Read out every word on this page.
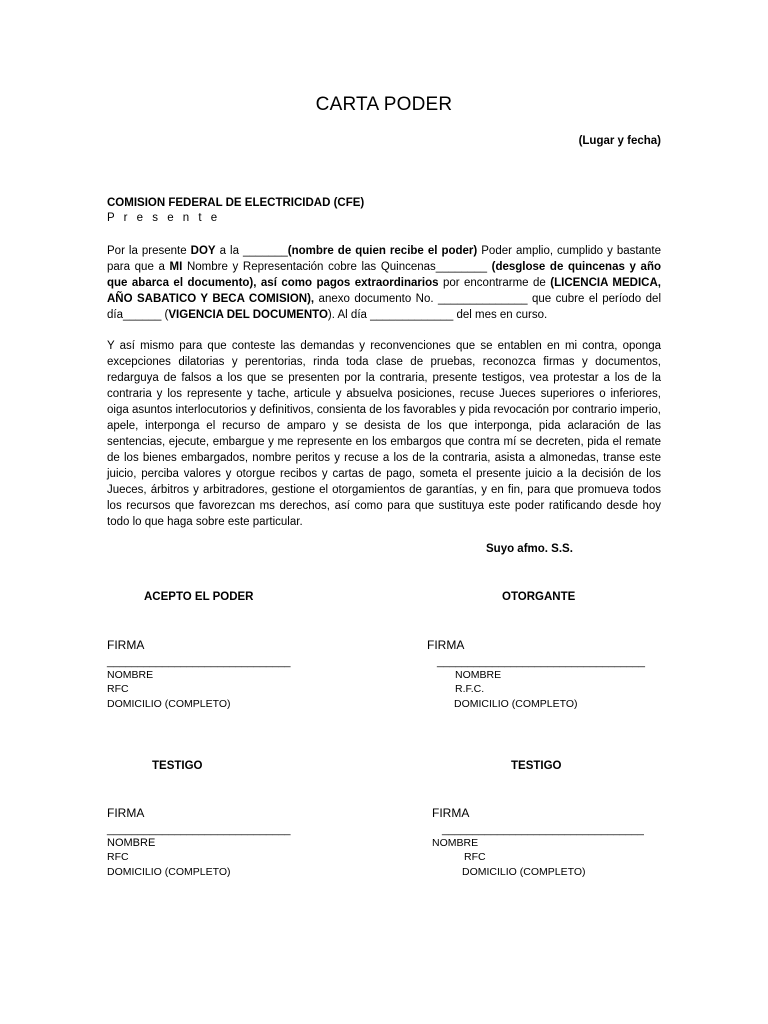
CARTA PODER
(Lugar y fecha)
COMISION FEDERAL DE ELECTRICIDAD (CFE)
P r e s e n t e
Por la presente DOY a la _______(nombre de quien recibe el poder) Poder amplio, cumplido y bastante para que a MI Nombre y Representación cobre las Quincenas________ (desglose de quincenas y año que abarca el documento), así como pagos extraordinarios por encontrarme de (LICENCIA MEDICA, AÑO SABATICO Y BECA COMISION), anexo documento No. ______________ que cubre el período del día______ (VIGENCIA DEL DOCUMENTO). Al día _____________ del mes en curso.
Y así mismo para que conteste las demandas y reconvenciones que se entablen en mi contra, oponga excepciones dilatorias y perentorias, rinda toda clase de pruebas, reconozca firmas y documentos, redarguya de falsos a los que se presenten por la contraria, presente testigos, vea protestar a los de la contraria y los represente y tache, articule y absuelva posiciones, recuse Jueces superiores o inferiores, oiga asuntos interlocutorios y definitivos, consienta de los favorables y pida revocación por contrario imperio, apele, interponga el recurso de amparo y se desista de los que interponga, pida aclaración de las sentencias, ejecute, embargue y me represente en los embargos que contra mí se decreten, pida el remate de los bienes embargados, nombre peritos y recuse a los de la contraria, asista a almonedas, transe este juicio, perciba valores y otorgue recibos y cartas de pago, someta el presente juicio a la decisión de los Jueces, árbitros y arbitradores, gestione el otorgamientos de garantías, y en fin, para que promueva todos los recursos que favorezcan ms derechos, así como para que sustituya este poder ratificando desde hoy todo lo que haga sobre este particular.
Suyo afmo. S.S.
ACEPTO EL PODER	OTORGANTE
FIRMA
______________________________
NOMBRE
RFC
DOMICILIO (COMPLETO)
FIRMA
__________________________________
NOMBRE
R.F.C.
DOMICILIO (COMPLETO)
TESTIGO	TESTIGO
FIRMA
______________________________
NOMBRE
RFC
DOMICILIO (COMPLETO)
FIRMA
_________________________________
NOMBRE
RFC
DOMICILIO (COMPLETO)
